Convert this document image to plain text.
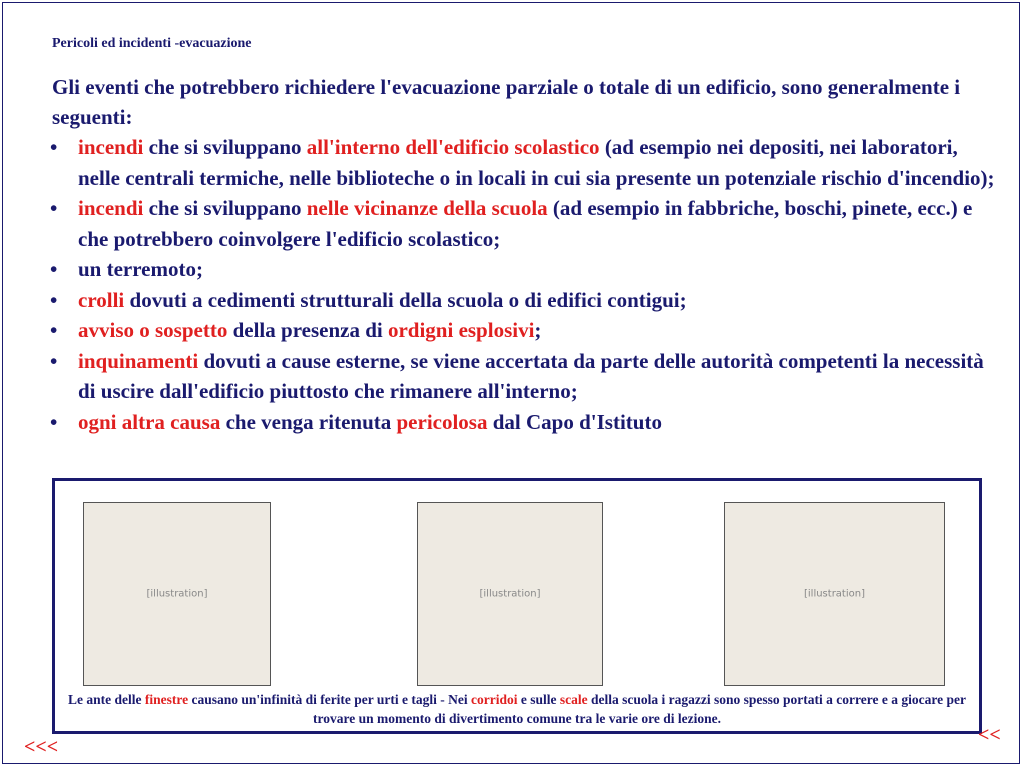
Pericoli ed incidenti -evacuazione
Gli eventi che potrebbero richiedere l'evacuazione parziale o totale di un edificio, sono generalmente i seguenti:
• incendi che si sviluppano all'interno dell'edificio scolastico (ad esempio nei depositi, nei laboratori, nelle centrali termiche, nelle biblioteche o in locali in cui sia presente un potenziale rischio d'incendio);
• incendi che si sviluppano nelle vicinanze della scuola (ad esempio in fabbriche, boschi, pinete, ecc.) e che potrebbero coinvolgere l'edificio scolastico;
• un terremoto;
• crolli dovuti a cedimenti strutturali della scuola o di edifici contigui;
• avviso o sospetto della presenza di ordigni esplosivi;
• inquinamenti dovuti a cause esterne, se viene accertata da parte delle autorità competenti la necessità di uscire dall'edificio piuttosto che rimanere all'interno;
• ogni altra causa che venga ritenuta pericolosa dal Capo d'Istituto
[illustration]	[illustration]	[illustration]
Le ante delle finestre causano un'infinità di ferite per urti e tagli - Nei corridoi e sulle scale della scuola i ragazzi sono spesso portati a correre e a giocare per trovare un momento di divertimento comune tra le varie ore di lezione.
<<<
<<
